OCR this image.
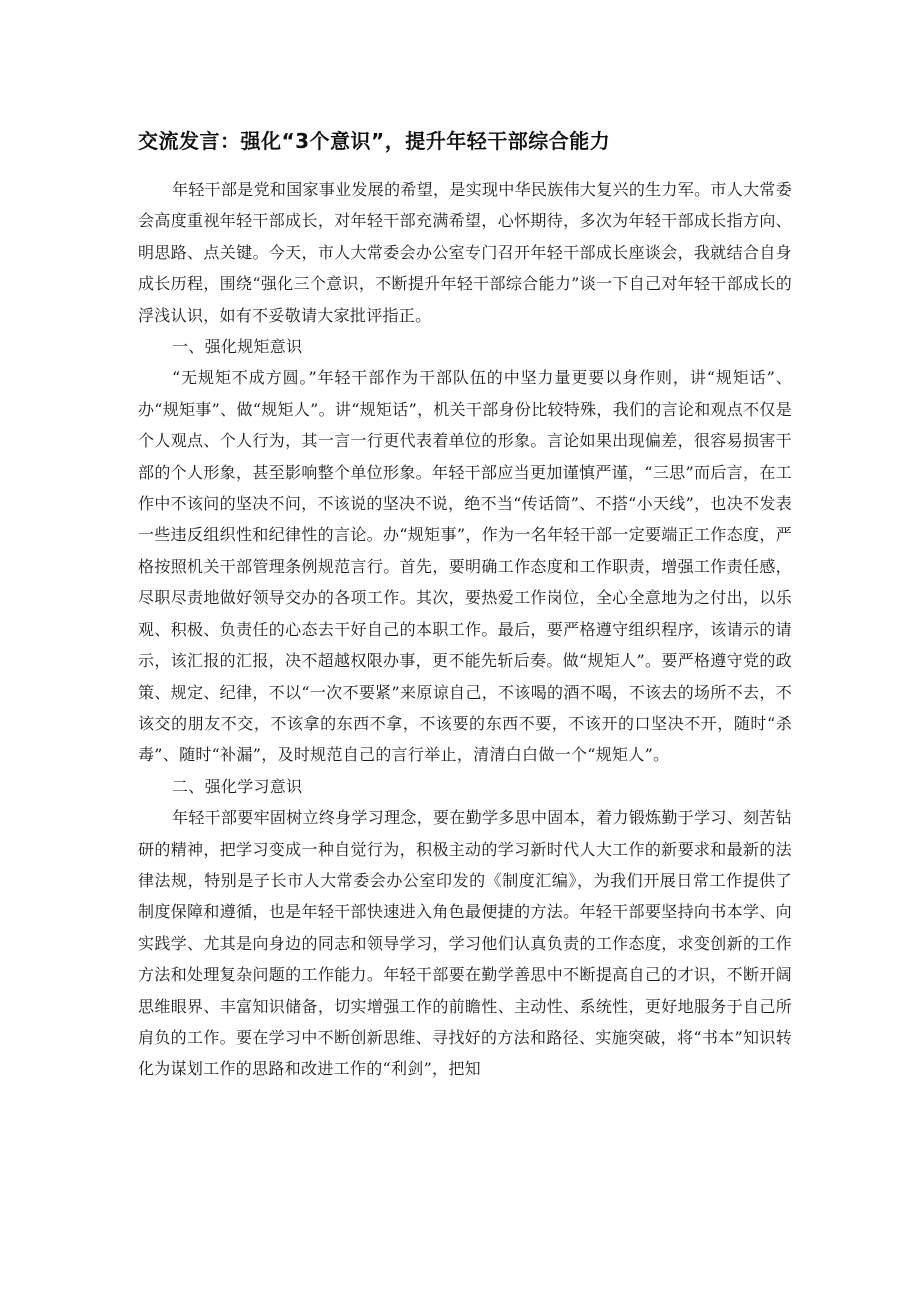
交流发言：强化“3个意识”，提升年轻干部综合能力

年轻干部是党和国家事业发展的希望，是实现中华民族伟大复兴的生力军。市人大常委会高度重视年轻干部成长，对年轻干部充满希望，心怀期待，多次为年轻干部成长指方向、明思路、点关键。今天，市人大常委会办公室专门召开年轻干部成长座谈会，我就结合自身成长历程，围绕“强化三个意识，不断提升年轻干部综合能力”谈一下自己对年轻干部成长的浮浅认识，如有不妥敬请大家批评指正。

一、强化规矩意识

“无规矩不成方圆。”年轻干部作为干部队伍的中坚力量更要以身作则，讲“规矩话”、办“规矩事”、做“规矩人”。讲“规矩话”，机关干部身份比较特殊，我们的言论和观点不仅是个人观点、个人行为，其一言一行更代表着单位的形象。言论如果出现偏差，很容易损害干部的个人形象，甚至影响整个单位形象。年轻干部应当更加谨慎严谨，“三思”而后言，在工作中不该问的坚决不问，不该说的坚决不说，绝不当“传话筒”、不搭“小天线”，也决不发表一些违反组织性和纪律性的言论。办“规矩事”，作为一名年轻干部一定要端正工作态度，严格按照机关干部管理条例规范言行。首先，要明确工作态度和工作职责，增强工作责任感，尽职尽责地做好领导交办的各项工作。其次，要热爱工作岗位，全心全意地为之付出，以乐观、积极、负责任的心态去干好自己的本职工作。最后，要严格遵守组织程序，该请示的请示，该汇报的汇报，决不超越权限办事，更不能先斩后奏。做“规矩人”。要严格遵守党的政策、规定、纪律，不以“一次不要紧”来原谅自己，不该喝的酒不喝，不该去的场所不去，不该交的朋友不交，不该拿的东西不拿，不该要的东西不要，不该开的口坚决不开，随时“杀毒”、随时“补漏”，及时规范自己的言行举止，清清白白做一个“规矩人”。

二、强化学习意识

年轻干部要牢固树立终身学习理念，要在勤学多思中固本，着力锻炼勤于学习、刻苦钻研的精神，把学习变成一种自觉行为，积极主动的学习新时代人大工作的新要求和最新的法律法规，特别是子长市人大常委会办公室印发的《制度汇编》，为我们开展日常工作提供了制度保障和遵循，也是年轻干部快速进入角色最便捷的方法。年轻干部要坚持向书本学、向实践学、尤其是向身边的同志和领导学习，学习他们认真负责的工作态度，求变创新的工作方法和处理复杂问题的工作能力。年轻干部要在勤学善思中不断提高自己的才识，不断开阔思维眼界、丰富知识储备，切实增强工作的前瞻性、主动性、系统性，更好地服务于自己所肩负的工作。要在学习中不断创新思维、寻找好的方法和路径、实施突破，将“书本”知识转化为谋划工作的思路和改进工作的“利剑”，把知
